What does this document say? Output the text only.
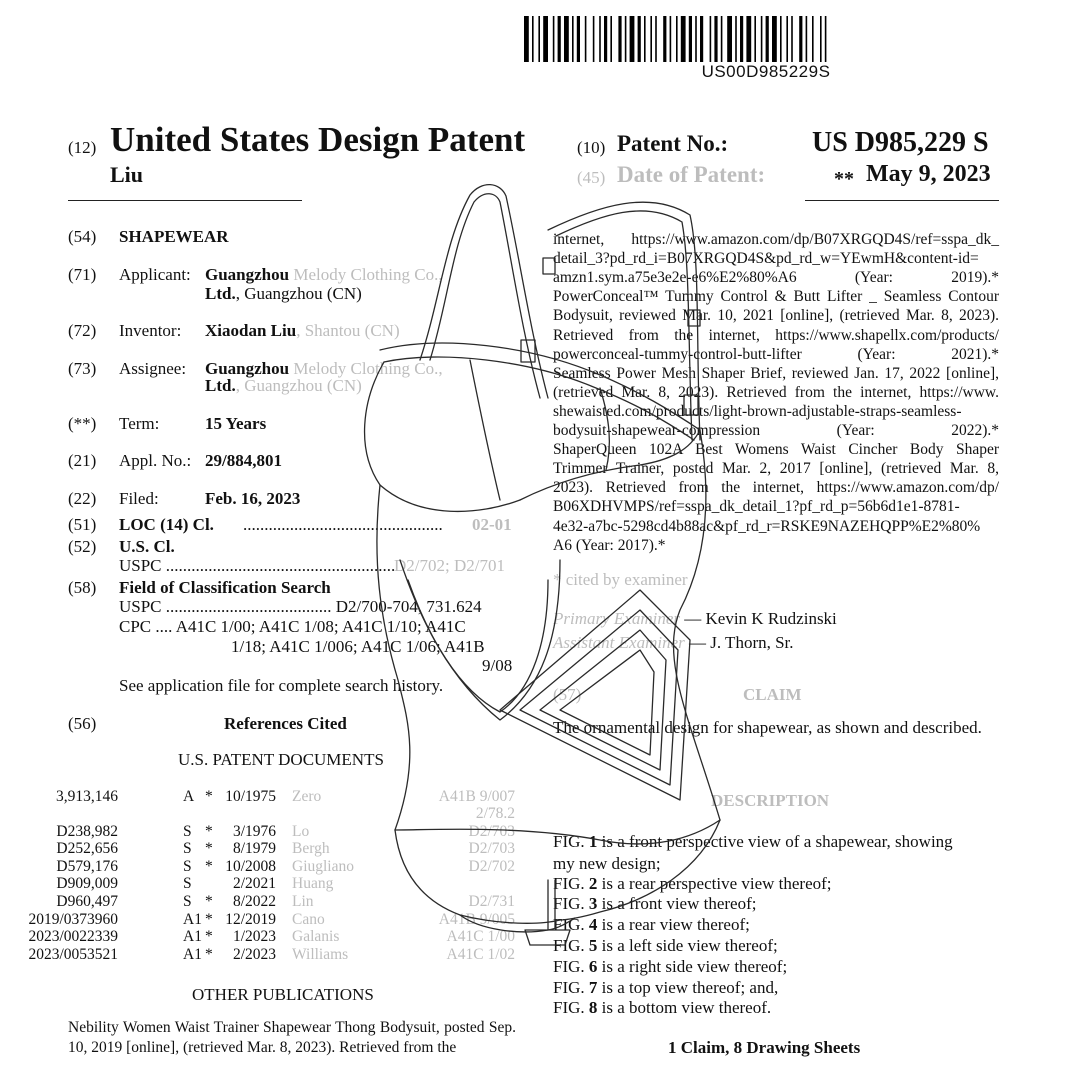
US00D985229S
(12) United States Design Patent
Liu
(10) Patent No.:	US D985,229 S
(45) Date of Patent:	** May 9, 2023
(54) SHAPEWEAR
(71) Applicant: Guangzhou Melody Clothing Co.,
Ltd., Guangzhou (CN)
(72) Inventor: Xiaodan Liu, Shantou (CN)
(73) Assignee: Guangzhou Melody Clothing Co.,
Ltd., Guangzhou (CN)
(**) Term:	15 Years
(21) Appl. No.: 29/884,801
(22) Filed:	Feb. 16, 2023
(51) LOC (14) Cl. ............................................... 02-01
(52) U.S. Cl.
USPC ......................................................
D2/702; D2/701
(58) Field of Classification Search
USPC ....................................... D2/700-704, 731.624
CPC .... A41C 1/00; A41C 1/08; A41C 1/10; A41C
1/18; A41C 1/006; A41C 1/06; A41B
9/08
See application file for complete search history.
(56)	References Cited
U.S. PATENT DOCUMENTS
3,913,146	A * 10/1975 Zero	A41B 9/007
2/78.2
D238,982	S * 3/1976 Lo	D2/703
D252,656	S * 8/1979 Bergh	D2/703
D579,176	S * 10/2008 Giugliano	D2/702
D909,009	S	2/2021 Huang
D960,497	S * 8/2022 Lin	D2/731
2019/0373960	A1 * 12/2019 Cano	A41B 9/005
2023/0022339	A1 * 1/2023 Galanis	A41C 1/00
2023/0053521	A1 * 2/2023 Williams	A41C 1/02
OTHER PUBLICATIONS
Nebility Women Waist Trainer Shapewear Thong Bodysuit, posted Sep. 10, 2019 [online], (retrieved Mar. 8, 2023). Retrieved from the
internet, https://www.amazon.com/dp/B07XRGQD4S/ref=sspa_dk_
detail_3?pd_rd_i=B07XRGQD4S&pd_rd_w=YEwmH&content-id=
amzn1.sym.a75e3e2e-e6%E2%80%A6 (Year: 2019).*
PowerConceal™ Tummy Control & Butt Lifter _ Seamless Contour
Bodysuit, reviewed Mar. 10, 2021 [online], (retrieved Mar. 8, 2023).
Retrieved from the internet, https://www.shapellx.com/products/
powerconceal-tummy-control-butt-lifter (Year: 2021).*
Seamless Power Mesh Shaper Brief, reviewed Jan. 17, 2022 [online],
(retrieved Mar. 8, 2023). Retrieved from the internet, https://www.
shewaisted.com/products/light-brown-adjustable-straps-seamless-
bodysuit-shapewear-compression (Year: 2022).*
ShaperQueen 102A Best Womens Waist Cincher Body Shaper
Trimmer Trainer, posted Mar. 2, 2017 [online], (retrieved Mar. 8,
2023). Retrieved from the internet, https://www.amazon.com/dp/
B06XDHVMPS/ref=sspa_dk_detail_1?pf_rd_p=56b6d1e1-8781-
4e32-a7bc-5298cd4b88ac&pf_rd_r=RSKE9NAZEHQPP%E2%80%
A6 (Year: 2017).*
* cited by examiner
Primary Examiner — Kevin K Rudzinski
Assistant Examiner — J. Thorn, Sr.
(57)	CLAIM
The ornamental design for shapewear, as shown and described.
DESCRIPTION
FIG. 1 is a front perspective view of a shapewear, showing
my new design;
FIG. 2 is a rear perspective view thereof;
FIG. 3 is a front view thereof;
FIG. 4 is a rear view thereof;
FIG. 5 is a left side view thereof;
FIG. 6 is a right side view thereof;
FIG. 7 is a top view thereof; and,
FIG. 8 is a bottom view thereof.
1 Claim, 8 Drawing Sheets
